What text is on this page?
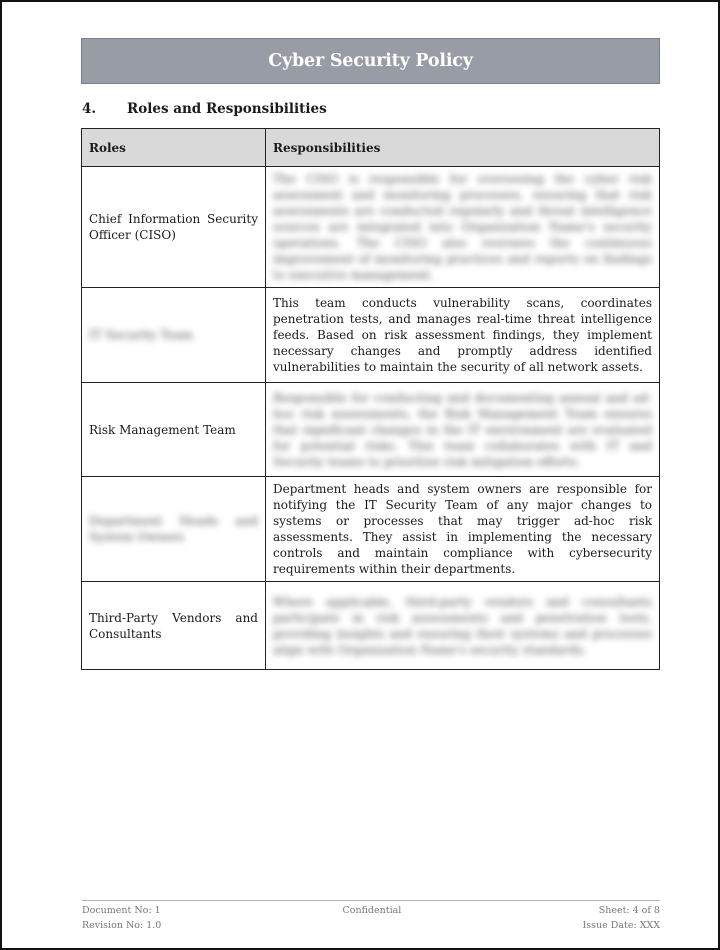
Cyber Security Policy
4.	Roles and Responsibilities
Roles	Responsibilities
Chief Information Security Officer (CISO)	The CISO is responsible for overseeing the cyber risk assessment and monitoring processes, ensuring that risk assessments are conducted regularly and threat intelligence sources are integrated into Organization Name's security operations. The CISO also oversees the continuous improvement of monitoring practices and reports on findings to executive management.

IT Security Team	This team conducts vulnerability scans, coordinates penetration tests, and manages real-time threat intelligence feeds. Based on risk assessment findings, they implement necessary changes and promptly address identified vulnerabilities to maintain the security of all network assets.
Risk Management Team	Responsible for conducting and documenting annual and ad-hoc risk assessments, the Risk Management Team ensures that significant changes in the IT environment are evaluated for potential risks. This team collaborates with IT and Security teams to prioritize risk mitigation efforts.

Department Heads and System Owners	Department heads and system owners are responsible for notifying the IT Security Team of any major changes to systems or processes that may trigger ad-hoc risk assessments. They assist in implementing the necessary controls and maintain compliance with cybersecurity requirements within their departments.
Third-Party Vendors and Consultants	Where applicable, third-party vendors and consultants participate in risk assessments and penetration tests, providing insights and ensuring their systems and processes align with Organization Name's security standards.
Document No: 1
Revision No: 1.0
Confidential	Sheet: 4 of 8
Issue Date: XXX
